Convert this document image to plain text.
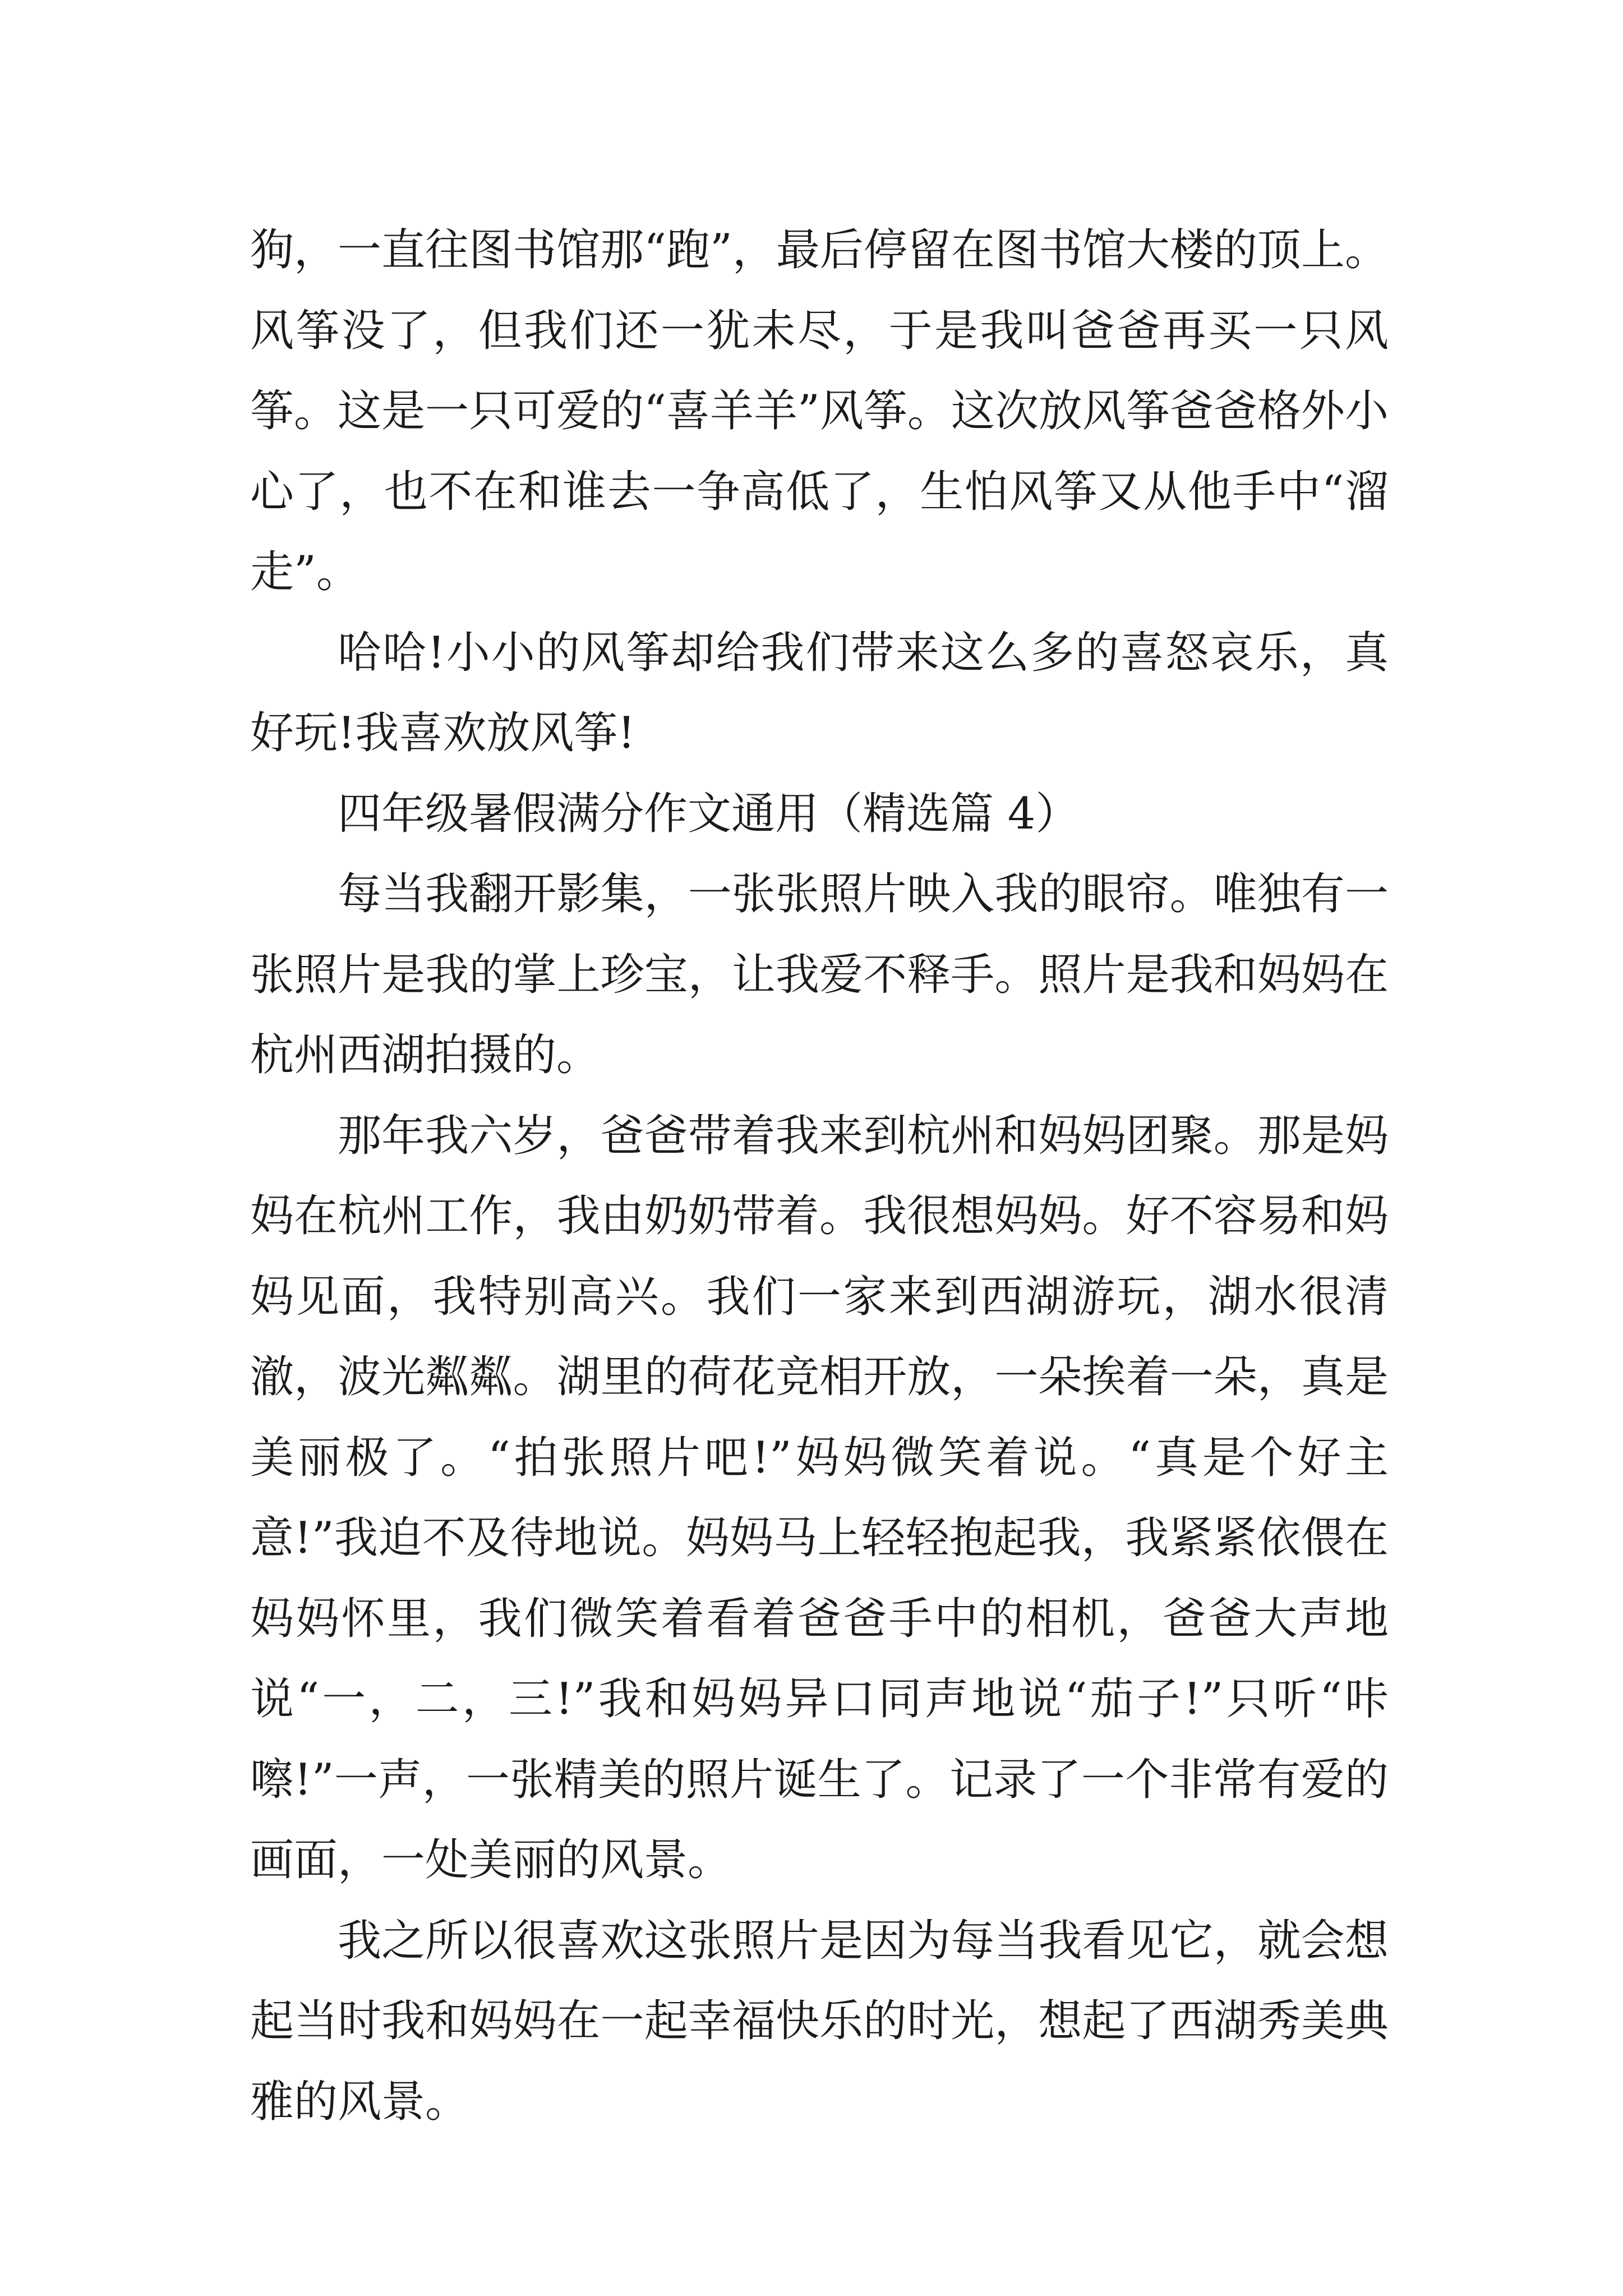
狗，一直往图书馆那“跑”，最后停留在图书馆大楼的顶上。风筝没了，但我们还一犹未尽，于是我叫爸爸再买一只风筝。这是一只可爱的“喜羊羊”风筝。这次放风筝爸爸格外小心了，也不在和谁去一争高低了，生怕风筝又从他手中“溜走”。

哈哈!小小的风筝却给我们带来这么多的喜怒哀乐，真好玩!我喜欢放风筝!

四年级暑假满分作文通用（精选篇 4）

每当我翻开影集，一张张照片映入我的眼帘。唯独有一张照片是我的掌上珍宝，让我爱不释手。照片是我和妈妈在杭州西湖拍摄的。

那年我六岁，爸爸带着我来到杭州和妈妈团聚。那是妈妈在杭州工作，我由奶奶带着。我很想妈妈。好不容易和妈妈见面，我特别高兴。我们一家来到西湖游玩，湖水很清澈，波光粼粼。湖里的荷花竞相开放，一朵挨着一朵，真是美丽极了。“拍张照片吧!”妈妈微笑着说。“真是个好主意!”我迫不及待地说。妈妈马上轻轻抱起我，我紧紧依偎在妈妈怀里，我们微笑着看着爸爸手中的相机，爸爸大声地说“一，二，三!”我和妈妈异口同声地说“茄子!”只听“咔嚓!”一声，一张精美的照片诞生了。记录了一个非常有爱的画面，一处美丽的风景。

我之所以很喜欢这张照片是因为每当我看见它，就会想起当时我和妈妈在一起幸福快乐的时光，想起了西湖秀美典雅的风景。
